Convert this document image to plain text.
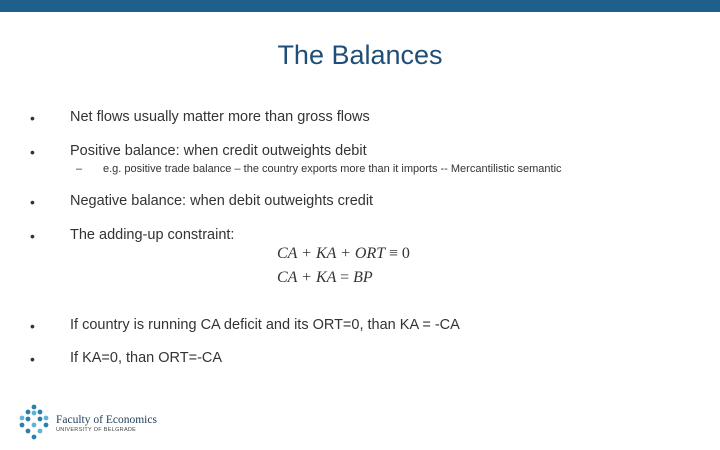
The Balances
• Net flows usually matter more than gross flows
• Positive balance: when credit outweights debit
– e.g. positive trade balance – the country exports more than it imports -- Mercantilistic semantic
• Negative balance: when debit outweights credit
• The adding-up constraint:
CA + KA + ORT ≡ 0
CA + KA = BP
• If country is running CA deficit and its ORT=0, than KA = -CA
• If KA=0, than ORT=-CA
Faculty of Economics
UNIVERSITY OF BELGRADE
